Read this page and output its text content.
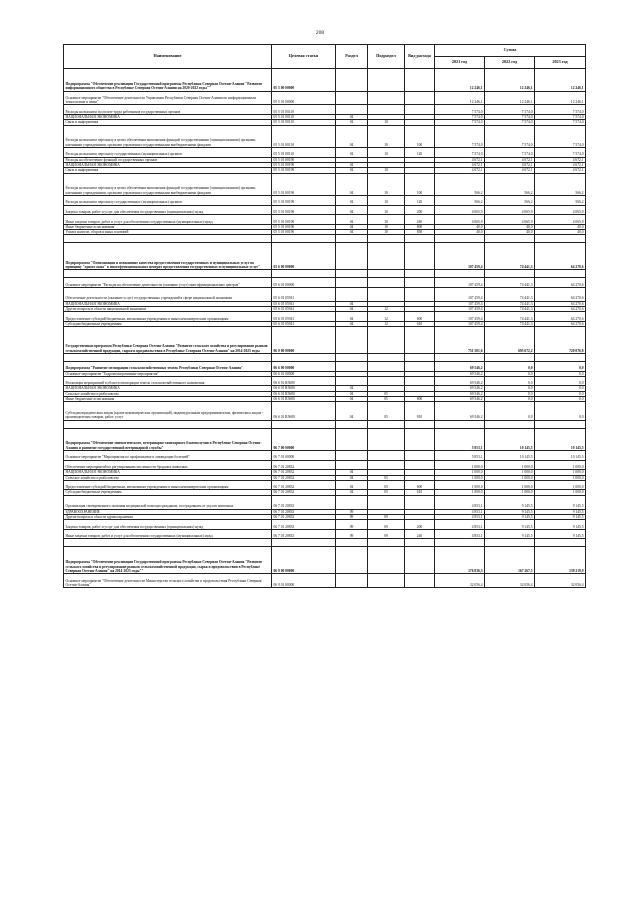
208
Наименование	Целевая статья	Раздел	Подраздел	Вид расхода	Сумма		
					2021 год	2022 год	2023 год
Подпрограмма "Обеспечение реализации Государственной программы Республики Северная Осетия-Алания "Развитие информационного общества в Республике Северная Осетия-Алания на 2020-2022 годы""	05 5 00 00000				12 246,1	12 246,1	12 246,1
Основное мероприятие "Обеспечение деятельности Управления Республики Северная Осетия-Алания по информационным технологиям и связи"	05 5 01 00000				12 246,1	12 246,1	12 246,1
Расходы на выплаты по оплате труда работников государственных органов	05 5 01 00110				7 574,0	7 574,0	7 574,0
НАЦИОНАЛЬНАЯ ЭКОНОМИКА	05 5 01 00110	04			7 574,0	7 574,0	7 574,0
Связь и информатика	05 5 01 00110	04	10		7 574,0	7 574,0	7 574,0
Расходы на выплаты персоналу в целях обеспечения выполнения функций государственными (муниципальными) органами, казенными учреждениями, органами управления государственными внебюджетными фондами	05 5 01 00110	04	10	100	7 574,0	7 574,0	7 574,0
Расходы на выплаты персоналу государственных (муниципальных) органов	05 5 01 00110	04	10	120	7 574,0	7 574,0	7 574,0
Расходы на обеспечение функций государственных органов	05 5 01 00190				4 672,1	4 672,1	4 672,1
НАЦИОНАЛЬНАЯ ЭКОНОМИКА	05 5 01 00190	04			4 672,1	4 672,1	4 672,1
Связь и информатика	05 5 01 00190	04	10		4 672,1	4 672,1	4 672,1
Расходы на выплаты персоналу в целях обеспечения выполнения функций государственными (муниципальными) органами, казенными учреждениями, органами управления государственными внебюджетными фондами	05 5 01 00190	04	10	100	566,2	566,2	566,2
Расходы на выплаты персоналу государственных (муниципальных) органов	05 5 01 00190	04	10	120	566,2	566,2	566,2
Закупка товаров, работ и услуг для обеспечения государственных (муниципальных) нужд	05 5 01 00190	04	10	200	4 065,9	4 065,9	4 065,9
Иные закупки товаров, работ и услуг для обеспечения государственных (муниципальных) нужд	05 5 01 00190	04	10	240	4 065,9	4 065,9	4 065,9
Иные бюджетные ассигнования	05 5 01 00190	04	10	800	40,0	40,0	40,0
Уплата налогов, сборов и иных платежей	05 5 01 00190	04	10	850	40,0	40,0	40,0

Подпрограмма "Оптимизация и повышение качества предоставления государственных и муниципальных услуг по принципу "одного окна" в многофункциональных центрах предоставления государственных и муниципальных услуг"	05 6 00 00000				107 459,4	74 441,3	64 270,6

Основное мероприятие "Расходы на обеспечение деятельности (оказание услуг) многофункциональных центров"	05 6 01 00000				107 459,4	74 441,3	64 270,6
Обеспечение деятельности (оказание услуг) государственных учреждений в сфере национальной экономики	05 6 01 05941				107 459,4	74 441,3	64 270,6
НАЦИОНАЛЬНАЯ ЭКОНОМИКА	05 6 01 05941	04			107 459,4	74 441,3	64 270,6
Другие вопросы в области национальной экономики	05 6 01 05941	04	12		107 459,4	74 441,3	64 270,6
Предоставление субсидий бюджетным, автономным учреждениям и иным некоммерческим организациям	05 6 01 05941	04	12	600	107 459,4	74 441,3	64 270,6
Субсидии бюджетным учреждениям	05 6 01 05941	04	12	610	107 459,4	74 441,3	64 270,6
Государственная программа Республики Северная Осетия-Алания "Развитие сельского хозяйства и регулирование рынков сельскохозяйственной продукции, сырья и продовольствия в Республике Северная Осетия-Алания" на 2014-2025 годы	06 0 00 00000				751 501,6	695 672,2	720 076,8

Подпрограмма "Развитие мелиорации сельскохозяйственных земель Республики Северная Осетия-Алания"	06 6 00 00000				69 546,2	0,0	0,0
Основное мероприятие "Гидромелиоративные мероприятия"	06 6 01 00000				69 546,2	0,0	0,0
Реализация мероприятий в области мелиорации земель сельскохозяйственного назначения	06 6 01 R5680				69 546,2	0,0	0,0
НАЦИОНАЛЬНАЯ ЭКОНОМИКА	06 6 01 R5680	04			69 546,2	0,0	0,0
Сельское хозяйство и рыболовство	06 6 01 R5680	04	05		69 546,2	0,0	0,0
Иные бюджетные ассигнования	06 6 01 R5680	04	05	800	69 546,2	0,0	0,0
Субсидии юридическим лицам (кроме некоммерческих организаций), индивидуальным предпринимателям, физическим лицам - производителям товаров, работ, услуг	06 6 01 R5680	04	05	810	69 546,2	0,0	0,0

Подпрограмма "Обеспечение эпизоотического, ветеринарно-санитарного благополучия в Республике Северная Осетия-Алания и развитие государственной ветеринарной службы"	06 7 00 00000				5 853,1	10 145,5	10 145,5
Основное мероприятие "Мероприятия по профилактике и ликвидации болезней"	06 7 01 00000				5 853,1	10 145,5	10 145,5
Обеспечение мероприятий по регулированию численности бродячих животных	06 7 01 20832				1 000,0	1 000,0	1 000,0
НАЦИОНАЛЬНАЯ ЭКОНОМИКА	06 7 01 20832	04			1 000,0	1 000,0	1 000,0
Сельское хозяйство и рыболовство	06 7 01 20832	04	05		1 000,0	1 000,0	1 000,0
Предоставление субсидий бюджетным, автономным учреждениям и иным некоммерческим организациям	06 7 01 20832	04	05	600	1 000,0	1 000,0	1 000,0
Субсидии бюджетным учреждениям	06 7 01 20832	04	05	610	1 000,0	1 000,0	1 000,0
Организация своевременного оказания медицинской помощи гражданам, пострадавшим от укусов животных	06 7 01 20833				4 853,1	9 145,5	9 145,5
ЗДРАВООХРАНЕНИЕ	06 7 01 20833	09			4 853,1	9 145,5	9 145,5
Другие вопросы в области здравоохранения	06 7 01 20833	09	09		4 853,1	9 145,5	9 145,5
Закупка товаров, работ и услуг для обеспечения государственных (муниципальных) нужд	06 7 01 20833	09	09	200	4 853,1	9 145,5	9 145,5
Иные закупки товаров, работ и услуг для обеспечения государственных (муниципальных) нужд	06 7 01 20833	09	09	240	4 853,1	9 145,5	9 145,5

Подпрограмма "Обеспечение реализации Государственной программы Республики Северная Осетия-Алания "Развитие сельского хозяйства и регулирование рынков сельскохозяйственной продукции, сырья и продовольствия в Республике Северная Осетия-Алания" на 2014-2025 годы""	06 9 00 00000				176 836,3	167 267,5	139 219,9
Основное мероприятие "Обеспечение деятельности Министерства сельского хозяйства и продовольствия Республики Северная Осетия-Алания"	06 9 01 00000				32 056,4	32 056,4	32 056,4
